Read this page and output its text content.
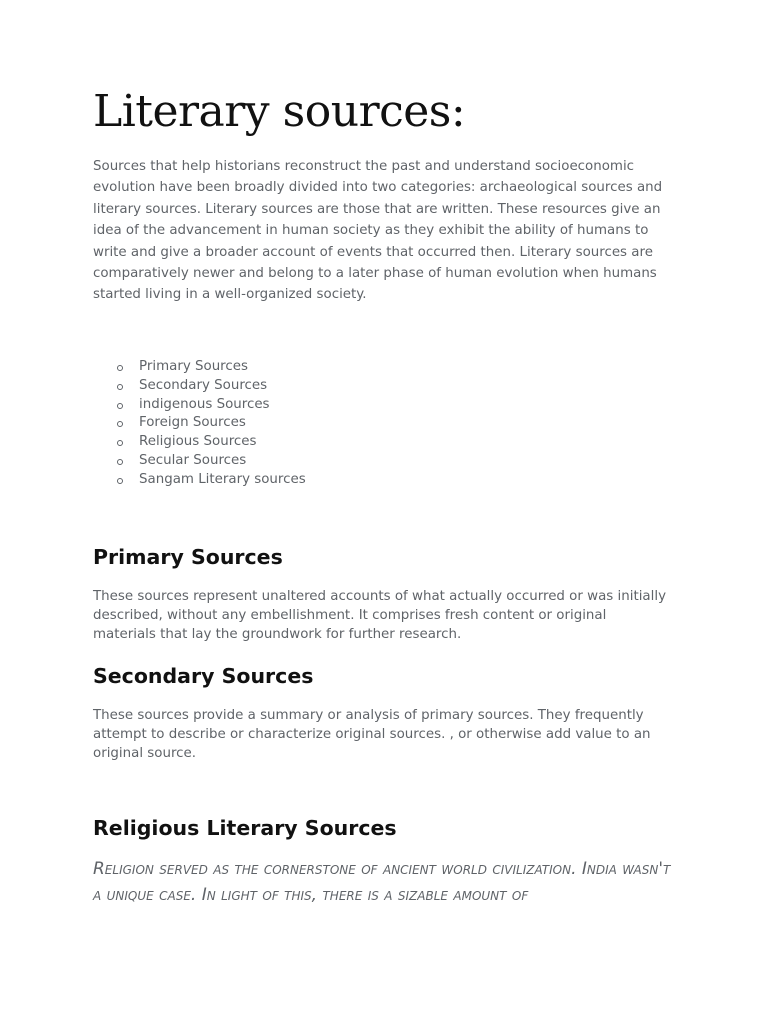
Literary sources:

Sources that help historians reconstruct the past and understand socioeconomic evolution have been broadly divided into two categories: archaeological sources and literary sources. Literary sources are those that are written. These resources give an idea of the advancement in human society as they exhibit the ability of humans to write and give a broader account of events that occurred then. Literary sources are comparatively newer and belong to a later phase of human evolution when humans started living in a well-organized society.

Primary Sources
Secondary Sources
indigenous Sources
Foreign Sources
Religious Sources
Secular Sources
Sangam Literary sources
Primary Sources

These sources represent unaltered accounts of what actually occurred or was initially described, without any embellishment. It comprises fresh content or original materials that lay the groundwork for further research.

Secondary Sources

These sources provide a summary or analysis of primary sources. They frequently attempt to describe or characterize original sources. , or otherwise add value to an original source.

Religious Literary Sources

Religion served as the cornerstone of ancient world civilization. India wasn't a unique case. In light of this, there is a sizable amount of
